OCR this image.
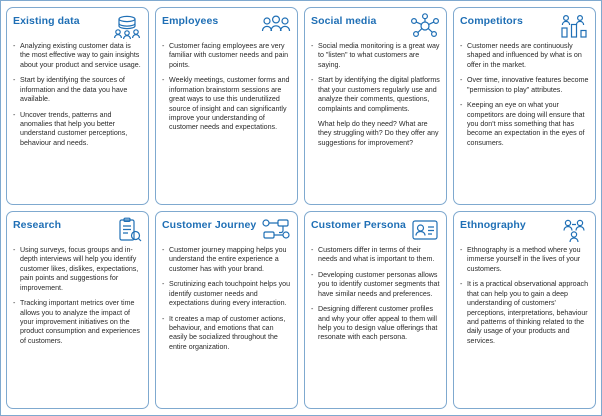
Existing data
- Analyzing existing customer data is the most effective way to gain insights about your product and service usage.
- Start by identifying the sources of information and the data you have available.
- Uncover trends, patterns and anomalies that help you better understand customer perceptions, behaviour and needs.
Employees
- Customer facing employees are very familiar with customer needs and pain points.
- Weekly meetings, customer forms and information brainstorm sessions are great ways to use this underutilized source of insight and can significantly improve your understanding of customer needs and expectations.
Social media
- Social media monitoring is a great way to "listen" to what customers are saying.
- Start by identifying the digital platforms that your customers regularly use and analyze their comments, questions, complaints and compliments.
What help do they need? What are they struggling with? Do they offer any suggestions for improvement?
Competitors
- Customer needs are continuously shaped and influenced by what is on offer in the market.
- Over time, innovative features become "permission to play" attributes.
- Keeping an eye on what your competitors are doing will ensure that you don't miss something that has become an expectation in the eyes of consumers.
Research
- Using surveys, focus groups and in-depth interviews will help you identify customer likes, dislikes, expectations, pain points and suggestions for improvement.
- Tracking important metrics over time allows you to analyze the impact of your improvement initiatives on the product consumption and experiences of customers.
Customer Journey
- Customer journey mapping helps you understand the entire experience a customer has with your brand.
- Scrutinizing each touchpoint helps you identify customer needs and expectations during every interaction.
- It creates a map of customer actions, behaviour, and emotions that can easily be socialized throughout the entire organization.
Customer Persona
- Customers differ in terms of their needs and what is important to them.
- Developing customer personas allows you to identify customer segments that have similar needs and preferences.
- Designing different customer profiles and why your offer appeal to them will help you to design value offerings that resonate with each persona.
Ethnography
- Ethnography is a method where you immerse yourself in the lives of your customers.
- It is a practical observational approach that can help you to gain a deep understanding of customers' perceptions, interpretations, behaviour and patterns of thinking related to the daily usage of your products and services.
